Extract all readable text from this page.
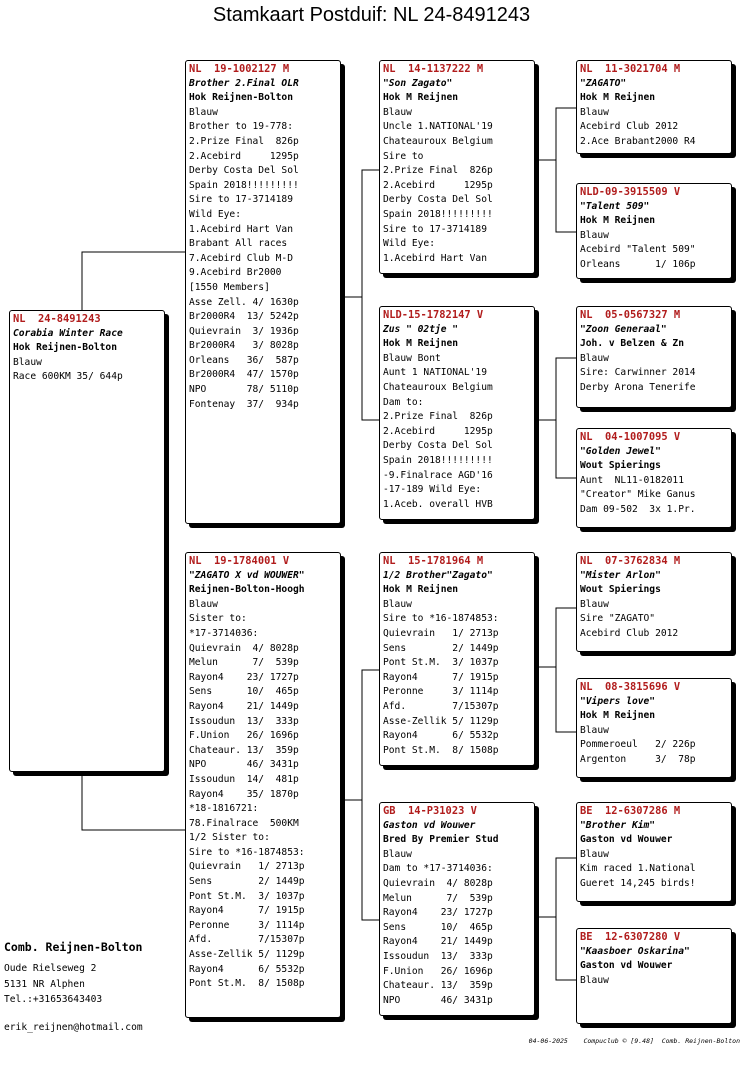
Stamkaart Postduif: NL 24-8491243
NL  24-8491243
Corabia Winter Race
Hok Reijnen-Bolton
Blauw
Race 600KM 35/ 644p
NL  19-1002127 M
Brother 2.Final OLR
Hok Reijnen-Bolton
Blauw
Brother to 19-778:
2.Prize Final  826p
2.Acebird     1295p
Derby Costa Del Sol
Spain 2018!!!!!!!!!
Sire to 17-3714189
Wild Eye:
1.Acebird Hart Van
Brabant All races
7.Acebird Club M-D
9.Acebird Br2000
[1550 Members]
Asse Zell. 4/ 1630p
Br2000R4  13/ 5242p
Quievrain  3/ 1936p
Br2000R4   3/ 8028p
Orleans   36/  587p
Br2000R4  47/ 1570p
NPO       78/ 5110p
Fontenay  37/  934p
NL  19-1784001 V
"ZAGATO X vd WOUWER"
Reijnen-Bolton-Hoogh
Blauw
Sister to:
*17-3714036:
Quievrain  4/ 8028p
Melun      7/  539p
Rayon4    23/ 1727p
Sens      10/  465p
Rayon4    21/ 1449p
Issoudun  13/  333p
F.Union   26/ 1696p
Chateaur. 13/  359p
NPO       46/ 3431p
Issoudun  14/  481p
Rayon4    35/ 1870p
*18-1816721:
78.Finalrace  500KM
1/2 Sister to:
Sire to *16-1874853:
Quievrain   1/ 2713p
Sens        2/ 1449p
Pont St.M.  3/ 1037p
Rayon4      7/ 1915p
Peronne     3/ 1114p
Afd.        7/15307p
Asse-Zellik 5/ 1129p
Rayon4      6/ 5532p
Pont St.M.  8/ 1508p
NL  14-1137222 M
"Son Zagato"
Hok M Reijnen
Blauw
Uncle 1.NATIONAL'19
Chateauroux Belgium
Sire to
2.Prize Final  826p
2.Acebird     1295p
Derby Costa Del Sol
Spain 2018!!!!!!!!!
Sire to 17-3714189
Wild Eye:
1.Acebird Hart Van
NLD-15-1782147 V
Zus " 02tje "
Hok M Reijnen
Blauw Bont
Aunt 1 NATIONAL'19
Chateauroux Belgium
Dam to:
2.Prize Final  826p
2.Acebird     1295p
Derby Costa Del Sol
Spain 2018!!!!!!!!!
-9.Finalrace AGD'16
-17-189 Wild Eye:
1.Aceb. overall HVB
NL  15-1781964 M
1/2 Brother"Zagato"
Hok M Reijnen
Blauw
Sire to *16-1874853:
Quievrain   1/ 2713p
Sens        2/ 1449p
Pont St.M.  3/ 1037p
Rayon4      7/ 1915p
Peronne     3/ 1114p
Afd.        7/15307p
Asse-Zellik 5/ 1129p
Rayon4      6/ 5532p
Pont St.M.  8/ 1508p
GB  14-P31023 V
Gaston vd Wouwer
Bred By Premier Stud
Blauw
Dam to *17-3714036:
Quievrain  4/ 8028p
Melun      7/  539p
Rayon4    23/ 1727p
Sens      10/  465p
Rayon4    21/ 1449p
Issoudun  13/  333p
F.Union   26/ 1696p
Chateaur. 13/  359p
NPO       46/ 3431p
NL  11-3021704 M
"ZAGATO"
Hok M Reijnen
Blauw
Acebird Club 2012
2.Ace Brabant2000 R4
NLD-09-3915509 V
"Talent 509"
Hok M Reijnen
Blauw
Acebird "Talent 509"
Orleans      1/ 106p
NL  05-0567327 M
"Zoon Generaal"
Joh. v Belzen & Zn
Blauw
Sire: Carwinner 2014
Derby Arona Tenerife
NL  04-1007095 V
"Golden Jewel"
Wout Spierings
Aunt  NL11-0182011
"Creator" Mike Ganus
Dam 09-502  3x 1.Pr.
NL  07-3762834 M
"Mister Arlon"
Wout Spierings
Blauw
Sire "ZAGATO"
Acebird Club 2012
NL  08-3815696 V
"Vipers love"
Hok M Reijnen
Blauw
Pommeroeul   2/ 226p
Argenton     3/  78p
BE  12-6307286 M
"Brother Kim"
Gaston vd Wouwer
Blauw
Kim raced 1.National
Gueret 14,245 birds!
BE  12-6307280 V
"Kaasboer Oskarina"
Gaston vd Wouwer
Blauw
Comb. Reijnen-Bolton
Oude Rielseweg 2
5131 NR Alphen
Tel.:+31653643403
erik_reijnen@hotmail.com
04-06-2025    Compuclub © [9.48]  Comb. Reijnen-Bolton
